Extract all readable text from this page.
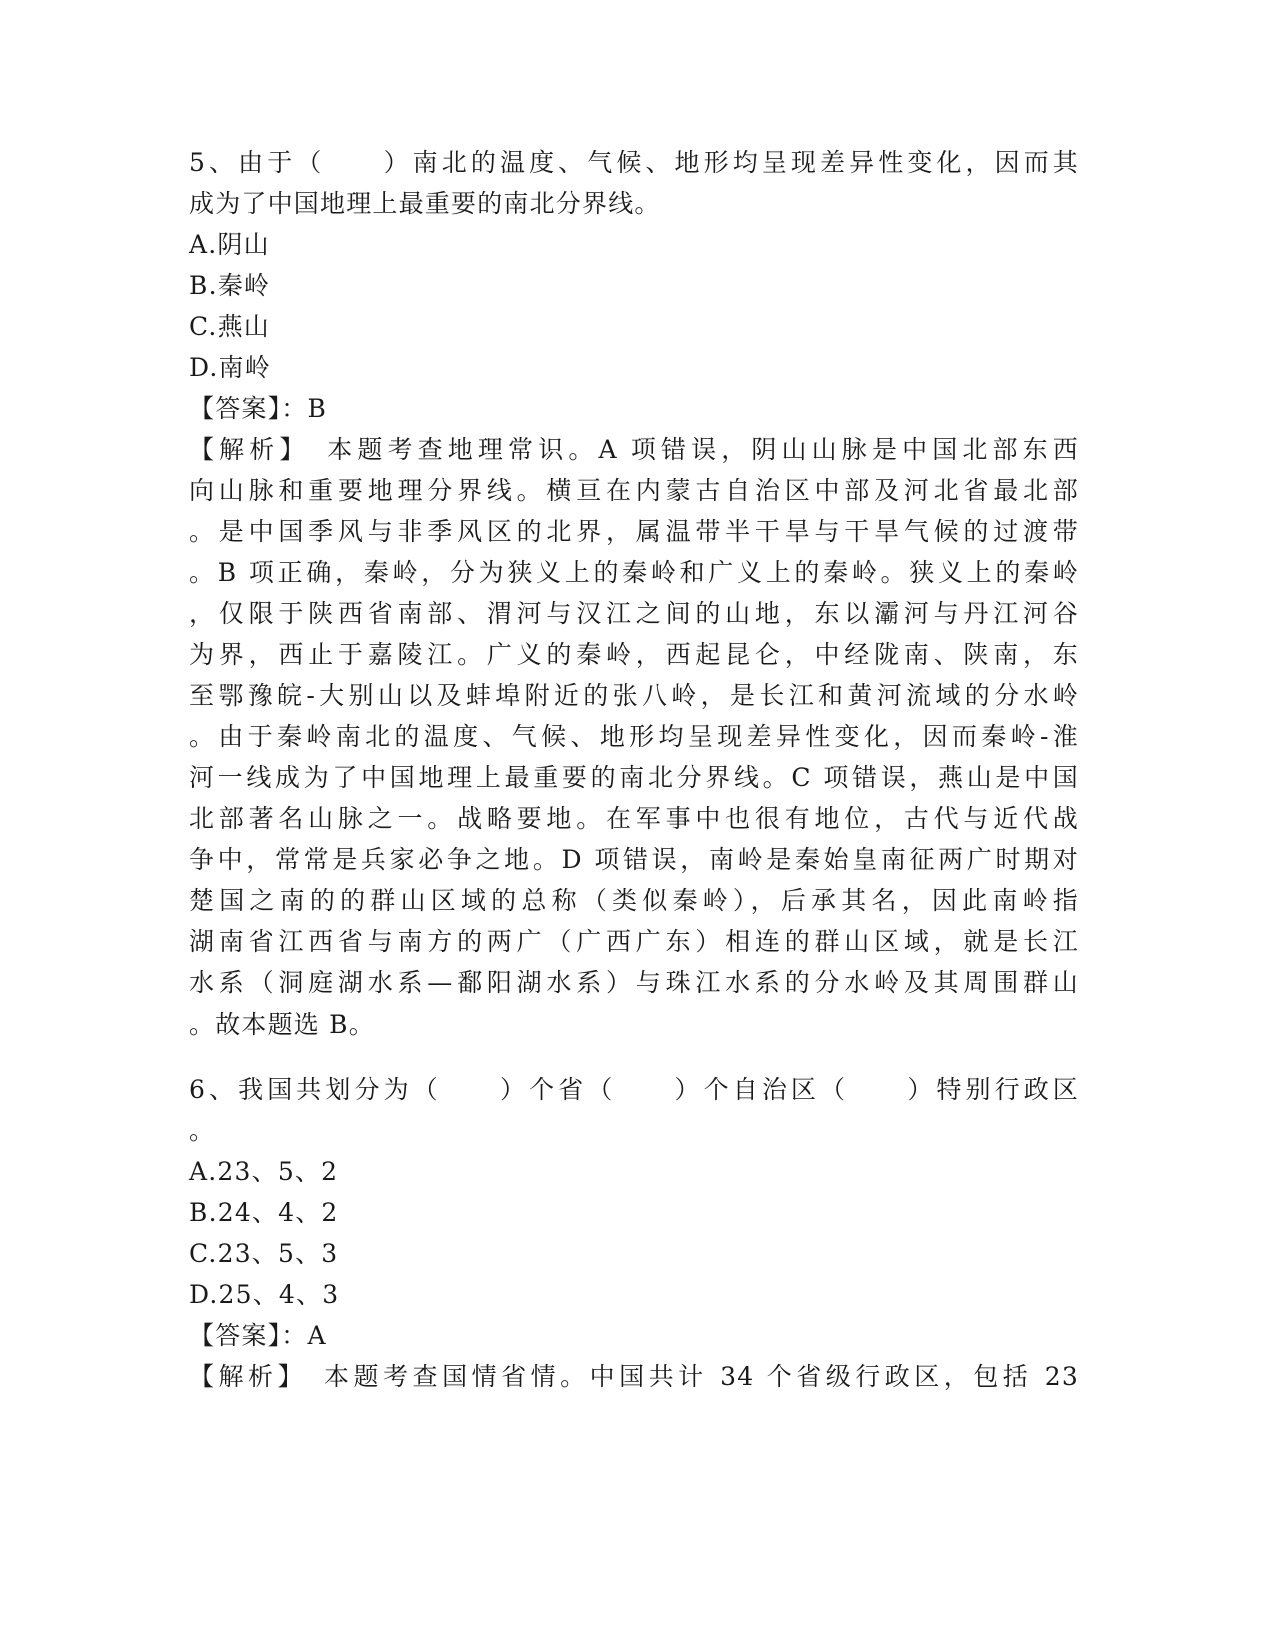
5、由于（　　）南北的温度、气候、地形均呈现差异性变化，因而其
成为了中国地理上最重要的南北分界线。
A.阴山
B.秦岭
C.燕山
D.南岭
【答案】：B
【解析】　本题考查地理常识。A 项错误，阴山山脉是中国北部东西
向山脉和重要地理分界线。横亘在内蒙古自治区中部及河北省最北部
。是中国季风与非季风区的北界，属温带半干旱与干旱气候的过渡带
。B 项正确，秦岭，分为狭义上的秦岭和广义上的秦岭。狭义上的秦岭
，仅限于陕西省南部、渭河与汉江之间的山地，东以灞河与丹江河谷
为界，西止于嘉陵江。广义的秦岭，西起昆仑，中经陇南、陕南，东
至鄂豫皖-大别山以及蚌埠附近的张八岭，是长江和黄河流域的分水岭
。由于秦岭南北的温度、气候、地形均呈现差异性变化，因而秦岭-淮
河一线成为了中国地理上最重要的南北分界线。C 项错误，燕山是中国
北部著名山脉之一。战略要地。在军事中也很有地位，古代与近代战
争中，常常是兵家必争之地。D 项错误，南岭是秦始皇南征两广时期对
楚国之南的的群山区域的总称（类似秦岭），后承其名，因此南岭指
湖南省江西省与南方的两广（广西广东）相连的群山区域，就是长江
水系（洞庭湖水系—鄱阳湖水系）与珠江水系的分水岭及其周围群山
。故本题选 B。
6、我国共划分为（　　）个省（　　）个自治区（　　）特别行政区
。
A.23、5、2
B.24、4、2
C.23、5、3
D.25、4、3
【答案】：A
【解析】　本题考查国情省情。中国共计 34 个省级行政区，包括 23
